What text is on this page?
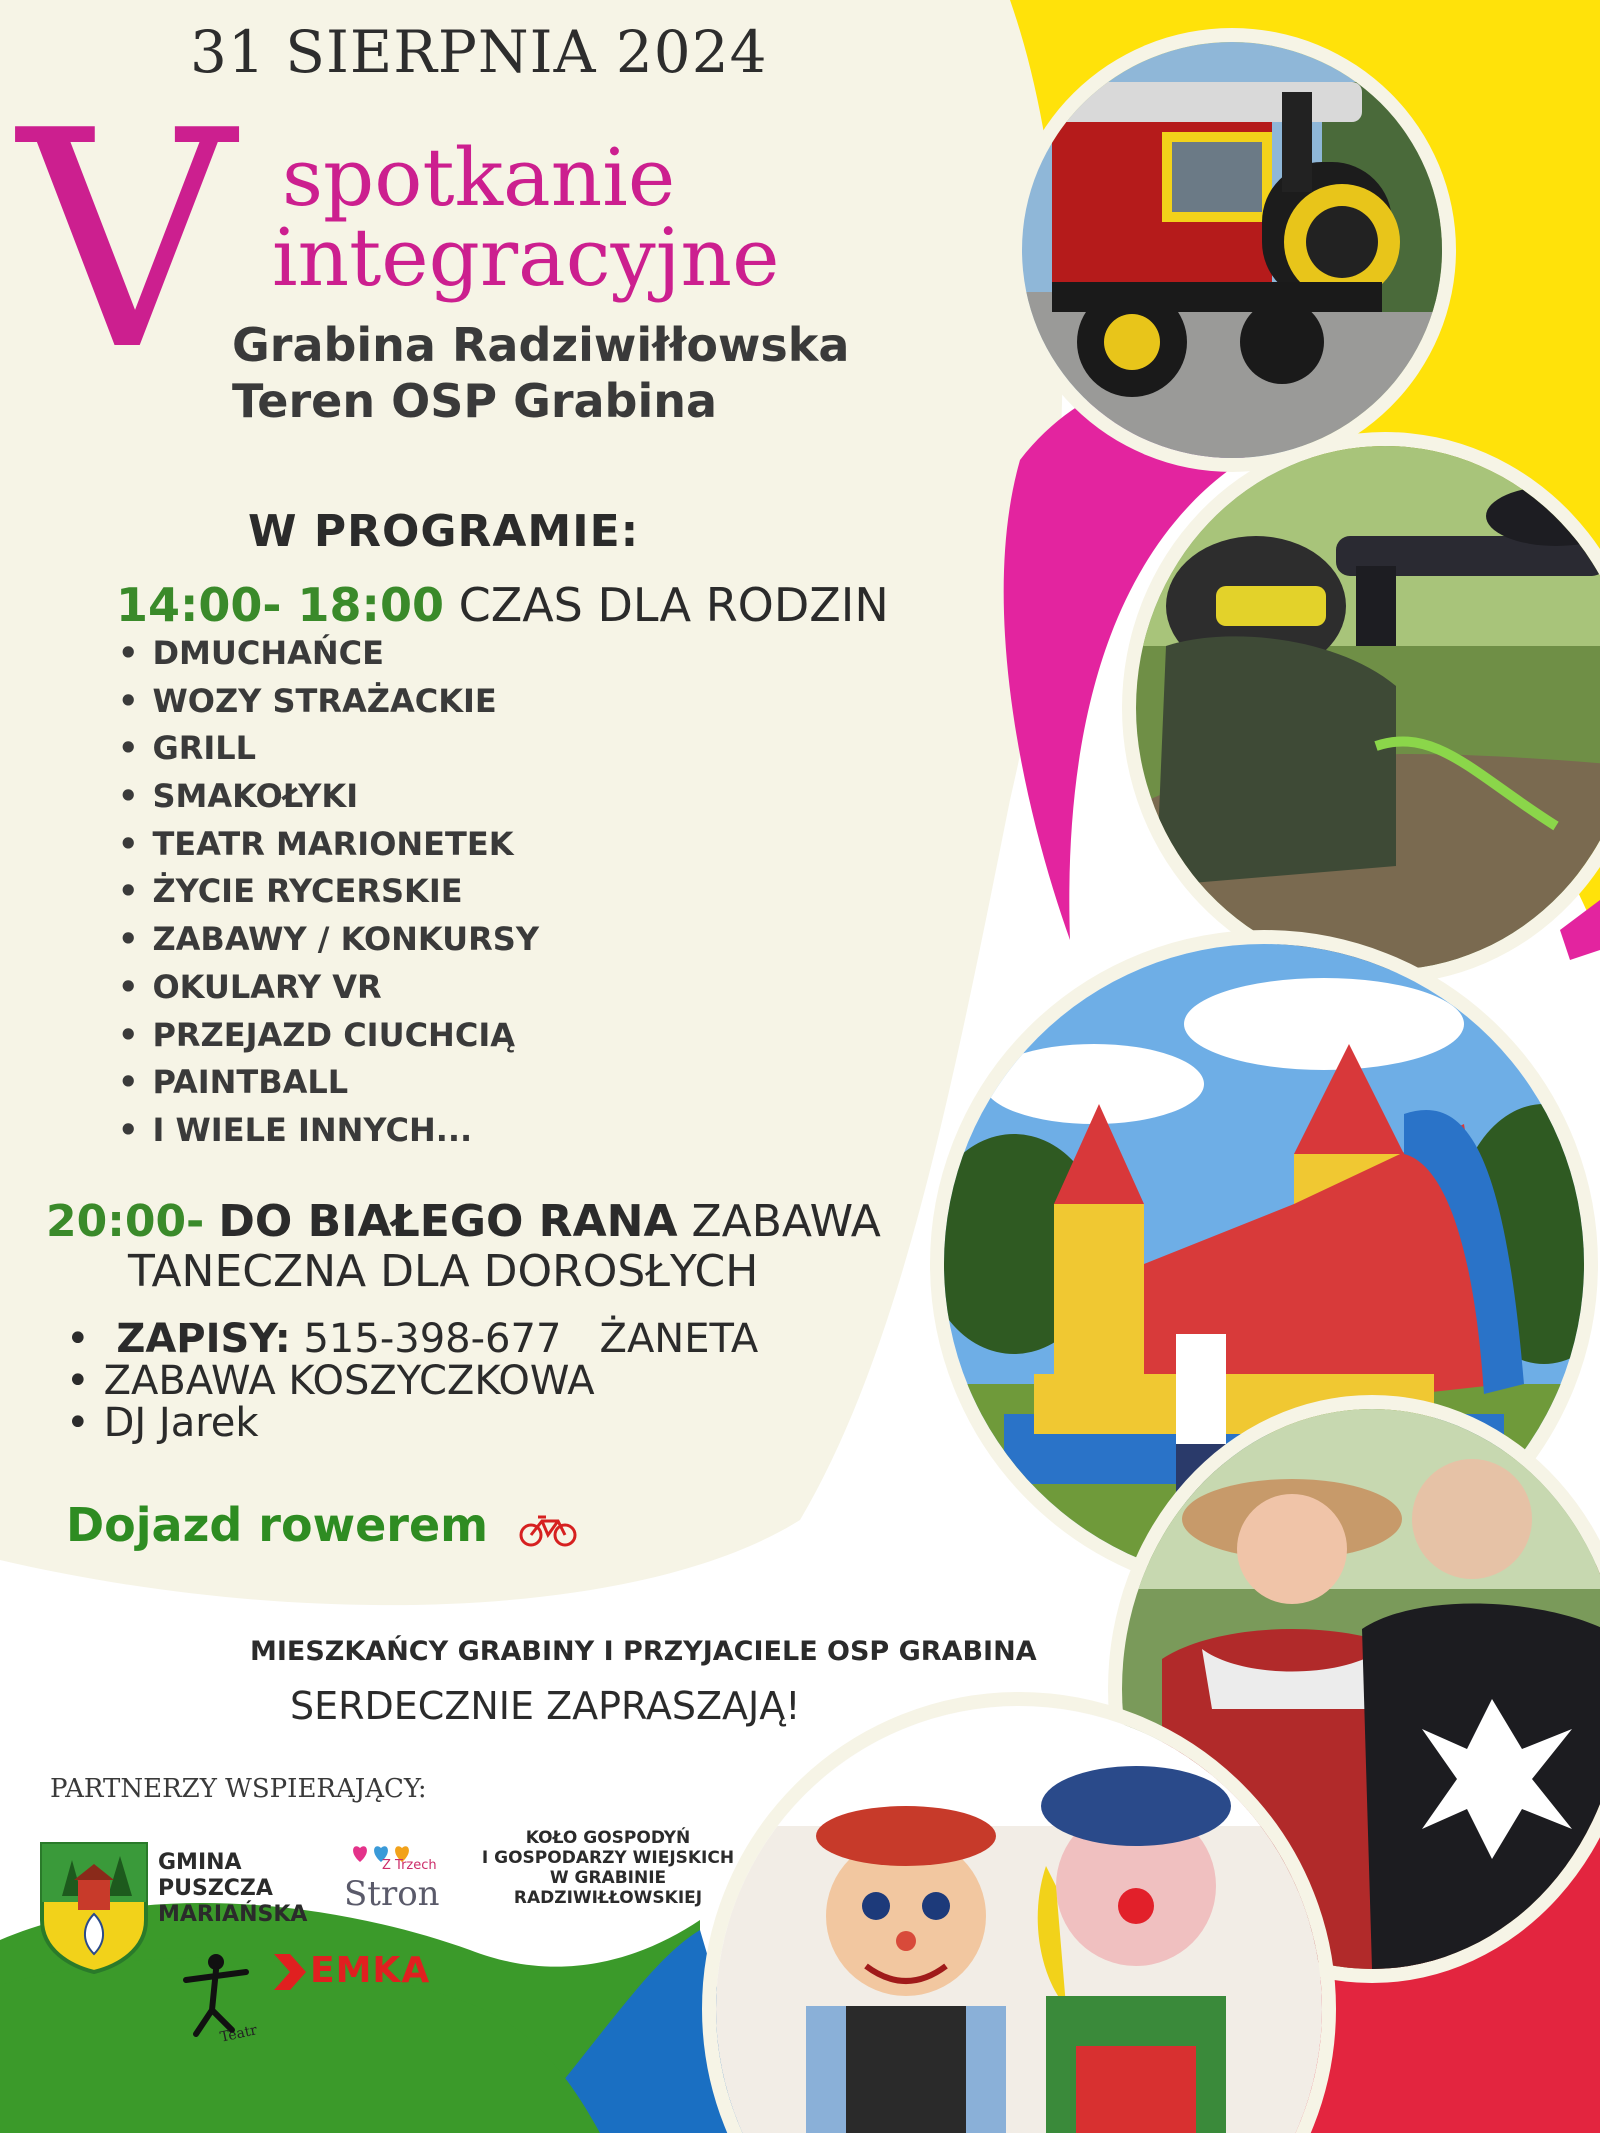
31 SIERPNIA 2024
V spotkanie
integracyjne
Grabina Radziwiłłowska
Teren OSP Grabina
W PROGRAMIE:
14:00- 18:00 CZAS DLA RODZIN
• DMUCHAŃCE
• WOZY STRAŻACKIE
• GRILL
• SMAKOŁYKI
• TEATR MARIONETEK
• ŻYCIE RYCERSKIE
• ZABAWY / KONKURSY
• OKULARY VR
• PRZEJAZD CIUCHCIĄ
• PAINTBALL
• I WIELE INNYCH...
20:00- DO BIAŁEGO RANA ZABAWA
TANECZNA DLA DOROSŁYCH
• ZAPISY: 515-398-677   ŻANETA
• ZABAWA KOSZYCZKOWA
• DJ Jarek
Dojazd rowerem
MIESZKAŃCY GRABINY I PRZYJACIELE OSP GRABINA
SERDECZNIE ZAPRASZAJĄ!
PARTNERZY WSPIERAJĄCY:
GMINA
PUSZCZA
MARIAŃSKA
Z Trzech
Stron
KOŁO GOSPODYŃ
I GOSPODARZY WIEJSKICH
W GRABINIE
RADZIWIŁŁOWSKIEJ
EMKA
Teatr
